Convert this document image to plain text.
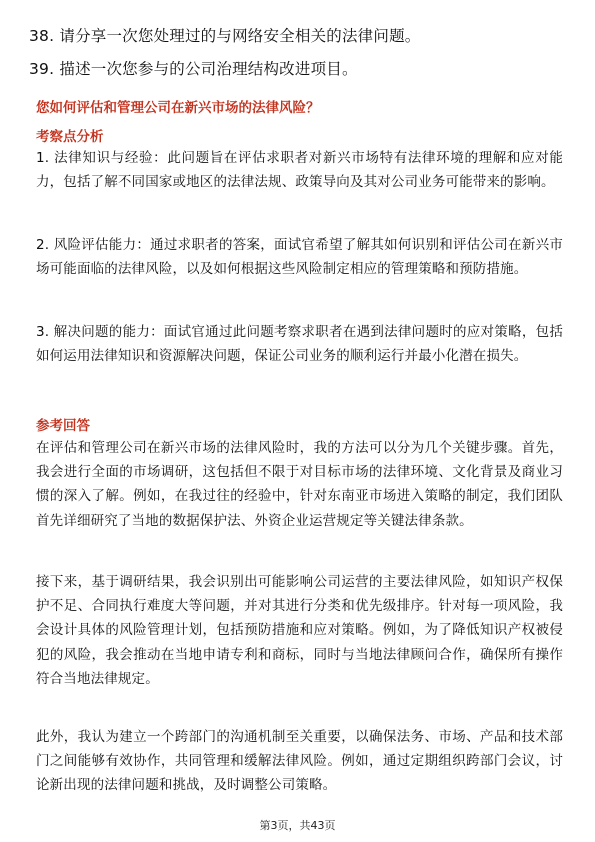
38. 请分享一次您处理过的与网络安全相关的法律问题。
39. 描述一次您参与的公司治理结构改进项目。
您如何评估和管理公司在新兴市场的法律风险？
考察点分析

1. 法律知识与经验：此问题旨在评估求职者对新兴市场特有法律环境的理解和应对能力，包括了解不同国家或地区的法律法规、政策导向及其对公司业务可能带来的影响。

2. 风险评估能力：通过求职者的答案，面试官希望了解其如何识别和评估公司在新兴市场可能面临的法律风险，以及如何根据这些风险制定相应的管理策略和预防措施。

3. 解决问题的能力：面试官通过此问题考察求职者在遇到法律问题时的应对策略，包括如何运用法律知识和资源解决问题，保证公司业务的顺利运行并最小化潜在损失。

参考回答

在评估和管理公司在新兴市场的法律风险时，我的方法可以分为几个关键步骤。首先，我会进行全面的市场调研，这包括但不限于对目标市场的法律环境、文化背景及商业习惯的深入了解。例如，在我过往的经验中，针对东南亚市场进入策略的制定，我们团队首先详细研究了当地的数据保护法、外资企业运营规定等关键法律条款。

接下来，基于调研结果，我会识别出可能影响公司运营的主要法律风险，如知识产权保护不足、合同执行难度大等问题，并对其进行分类和优先级排序。针对每一项风险，我会设计具体的风险管理计划，包括预防措施和应对策略。例如，为了降低知识产权被侵犯的风险，我会推动在当地申请专利和商标，同时与当地法律顾问合作，确保所有操作符合当地法律规定。

此外，我认为建立一个跨部门的沟通机制至关重要，以确保法务、市场、产品和技术部门之间能够有效协作，共同管理和缓解法律风险。例如，通过定期组织跨部门会议，讨论新出现的法律问题和挑战，及时调整公司策略。

第3页，共43页
